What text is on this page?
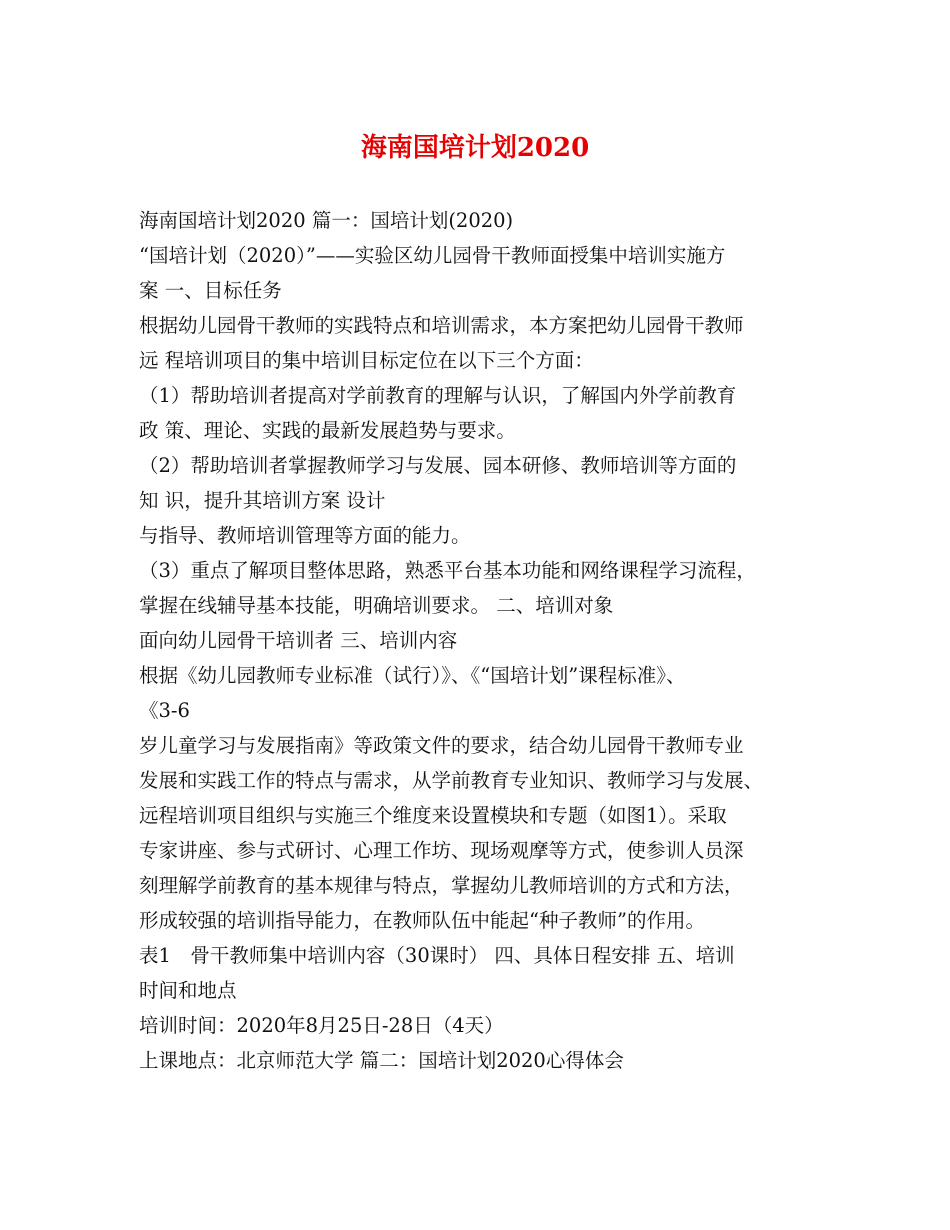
海南国培计划2020
海南国培计划2020 篇一：国培计划(2020)
“国培计划（2020）”——实验区幼儿园骨干教师面授集中培训实施方
案 一、目标任务
根据幼儿园骨干教师的实践特点和培训需求，本方案把幼儿园骨干教师
远 程培训项目的集中培训目标定位在以下三个方面：
（1）帮助培训者提高对学前教育的理解与认识，了解国内外学前教育
政 策、理论、实践的最新发展趋势与要求。
（2）帮助培训者掌握教师学习与发展、园本研修、教师培训等方面的
知 识，提升其培训方案 设计
与指导、教师培训管理等方面的能力。
（3）重点了解项目整体思路，熟悉平台基本功能和网络课程学习流程，
掌握在线辅导基本技能，明确培训要求。 二、培训对象
面向幼儿园骨干培训者 三、培训内容
根据《幼儿园教师专业标准（试行）》、《“国培计划”课程标准》、
《3-6
岁儿童学习与发展指南》等政策文件的要求，结合幼儿园骨干教师专业
发展和实践工作的特点与需求，从学前教育专业知识、教师学习与发展、
远程培训项目组织与实施三个维度来设置模块和专题（如图1）。采取
专家讲座、参与式研讨、心理工作坊、现场观摩等方式，使参训人员深
刻理解学前教育的基本规律与特点，掌握幼儿教师培训的方式和方法，
形成较强的培训指导能力，在教师队伍中能起“种子教师”的作用。
表1　骨干教师集中培训内容（30课时） 四、具体日程安排 五、培训
时间和地点
培训时间：2020年8月25日-28日（4天）
上课地点：北京师范大学 篇二：国培计划2020心得体会
